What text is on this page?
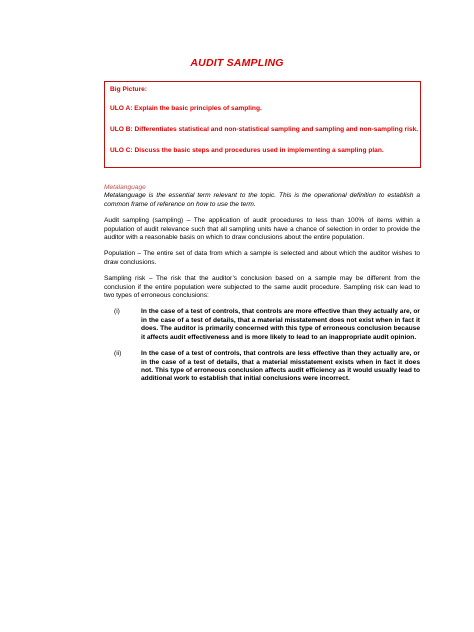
AUDIT SAMPLING

Big Picture:

ULO A: Explain the basic principles of sampling.

ULO B: Differentiates statistical and non-statistical sampling and sampling and non-sampling risk.

ULO C: Discuss the basic steps and procedures used in implementing a sampling plan.

Metalanguage

Metalanguage is the essential term relevant to the topic. This is the operational definition to establish a common frame of reference on how to use the term.

Audit sampling (sampling) – The application of audit procedures to less than 100% of items within a population of audit relevance such that all sampling units have a chance of selection in order to provide the auditor with a reasonable basis on which to draw conclusions about the entire population.

Population – The entire set of data from which a sample is selected and about which the auditor wishes to draw conclusions.

Sampling risk – The risk that the auditor’s conclusion based on a sample may be different from the conclusion if the entire population were subjected to the same audit procedure. Sampling risk can lead to two types of erroneous conclusions:

(i)	In the case of a test of controls, that controls are more effective than they actually are, or in the case of a test of details, that a material misstatement does not exist when in fact it does. The auditor is primarily concerned with this type of erroneous conclusion because it affects audit effectiveness and is more likely to lead to an inappropriate audit opinion.
(ii)	In the case of a test of controls, that controls are less effective than they actually are, or in the case of a test of details, that a material misstatement exists when in fact it does not. This type of erroneous conclusion affects audit efficiency as it would usually lead to additional work to establish that initial conclusions were incorrect.
